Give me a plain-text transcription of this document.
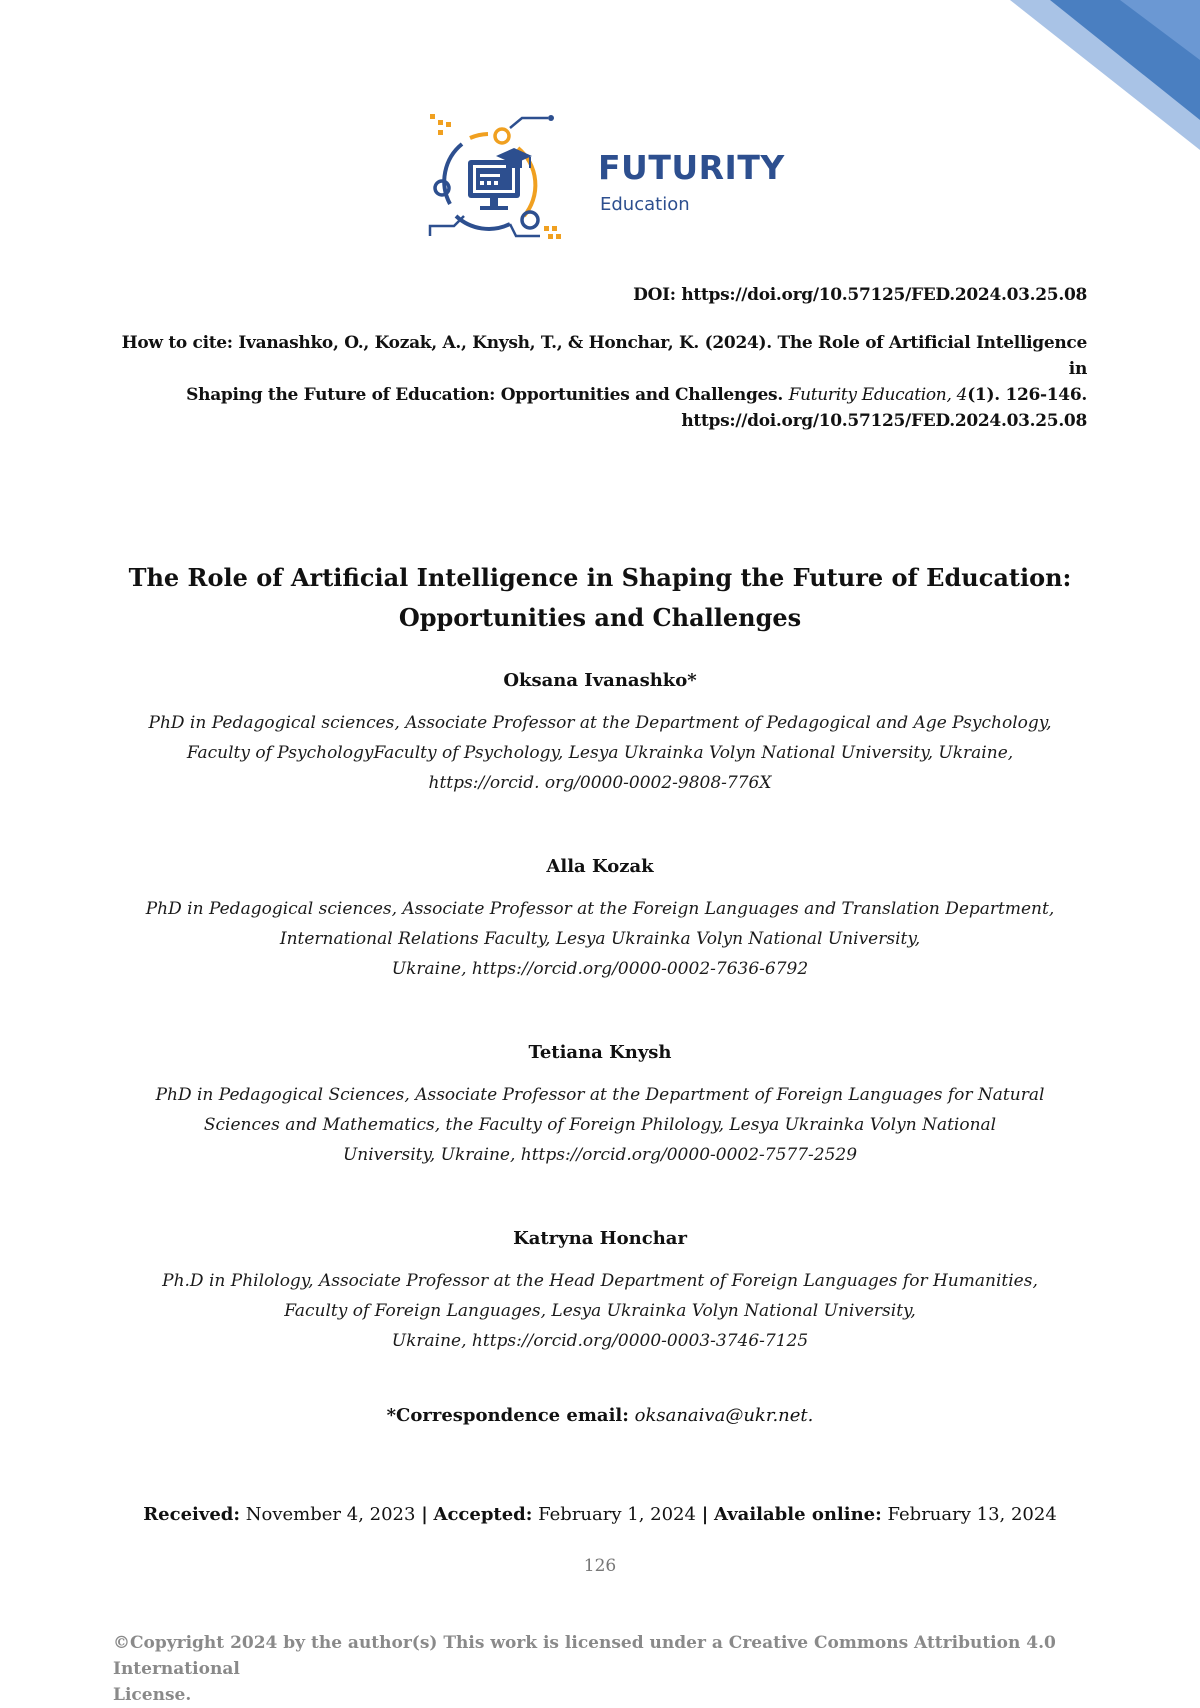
FUTURITY
Education
DOI: https://doi.org/10.57125/FED.2024.03.25.08
How to cite: Ivanashko, O., Kozak, A., Knysh, T., & Honchar, K. (2024). The Role of Artificial Intelligence in
Shaping the Future of Education: Opportunities and Challenges. Futurity Education, 4(1). 126-146.
https://doi.org/10.57125/FED.2024.03.25.08
The Role of Artificial Intelligence in Shaping the Future of Education:
Opportunities and Challenges
Oksana Ivanashko*
PhD in Pedagogical sciences, Associate Professor at the Department of Pedagogical and Age Psychology,
Faculty of PsychologyFaculty of Psychology, Lesya Ukrainka Volyn National University, Ukraine,
https://orcid. org/0000-0002-9808-776X
Alla Kozak
PhD in Pedagogical sciences, Associate Professor at the Foreign Languages and Translation Department,
International Relations Faculty, Lesya Ukrainka Volyn National University,
Ukraine, https://orcid.org/0000-0002-7636-6792
Tetiana Knysh
PhD in Pedagogical Sciences, Associate Professor at the Department of Foreign Languages for Natural
Sciences and Mathematics, the Faculty of Foreign Philology, Lesya Ukrainka Volyn National
University, Ukraine, https://orcid.org/0000-0002-7577-2529
Katryna Honchar
Ph.D in Philology, Associate Professor at the Head Department of Foreign Languages for Humanities,
Faculty of Foreign Languages, Lesya Ukrainka Volyn National University,
Ukraine, https://orcid.org/0000-0003-3746-7125
*Correspondence email: oksanaiva@ukr.net.
Received: November 4, 2023 | Accepted: February 1, 2024 | Available online: February 13, 2024
126
©Copyright 2024 by the author(s) This work is licensed under a Creative Commons Attribution 4.0 International
License.
